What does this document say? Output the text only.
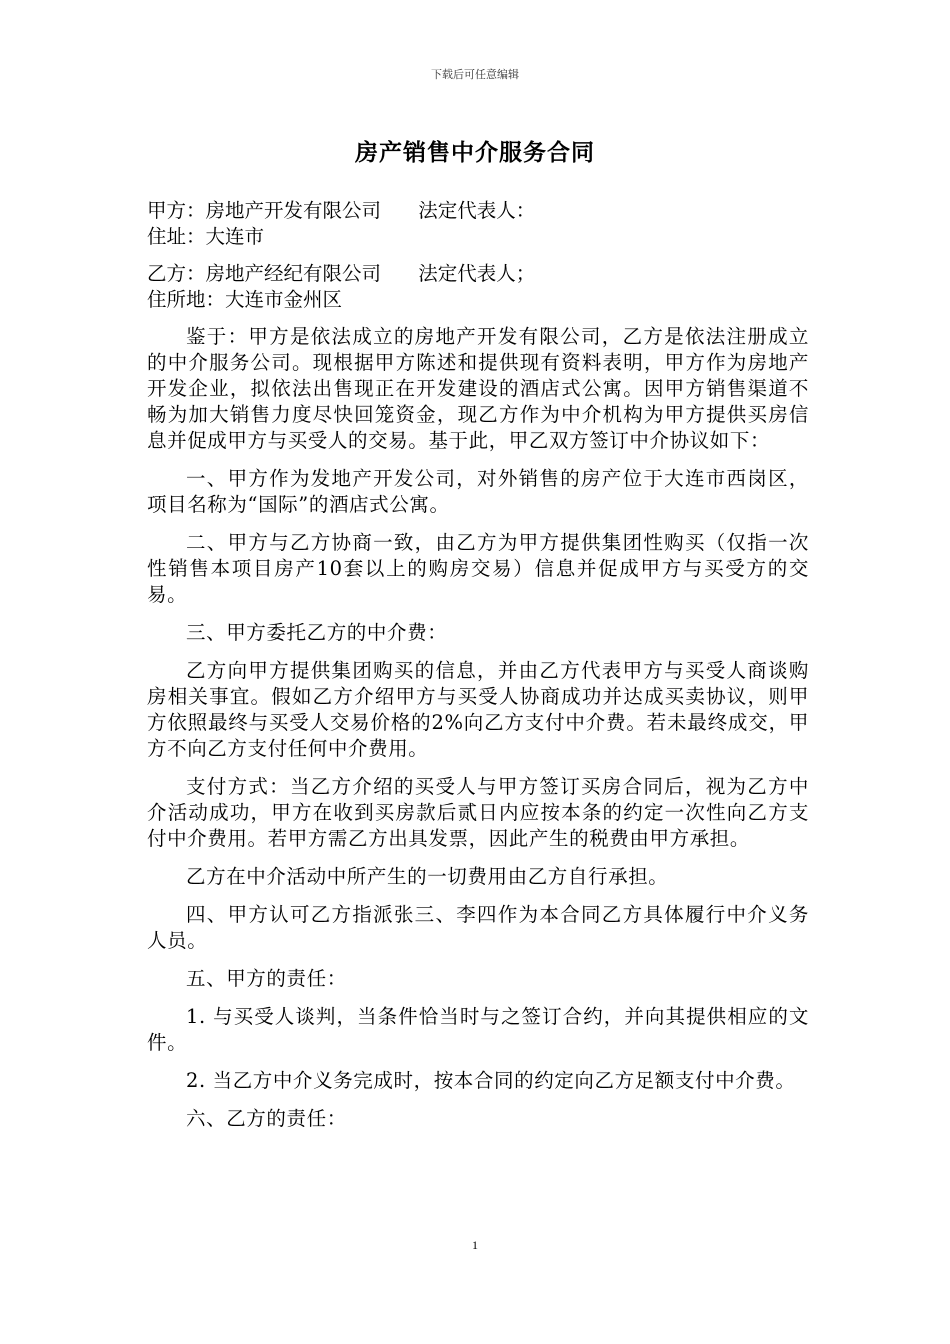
下载后可任意编辑
房产销售中介服务合同

甲方：房地产开发有限公司      法定代表人：

住址：大连市

乙方：房地产经纪有限公司      法定代表人；

住所地：大连市金州区

鉴于：甲方是依法成立的房地产开发有限公司，乙方是依法注册成立的中介服务公司。现根据甲方陈述和提供现有资料表明，甲方作为房地产开发企业，拟依法出售现正在开发建设的酒店式公寓。因甲方销售渠道不畅为加大销售力度尽快回笼资金，现乙方作为中介机构为甲方提供买房信息并促成甲方与买受人的交易。基于此，甲乙双方签订中介协议如下：

一、甲方作为发地产开发公司，对外销售的房产位于大连市西岗区，项目名称为“国际”的酒店式公寓。

二、甲方与乙方协商一致，由乙方为甲方提供集团性购买（仅指一次性销售本项目房产10套以上的购房交易）信息并促成甲方与买受方的交易。

三、甲方委托乙方的中介费：

乙方向甲方提供集团购买的信息，并由乙方代表甲方与买受人商谈购房相关事宜。假如乙方介绍甲方与买受人协商成功并达成买卖协议，则甲方依照最终与买受人交易价格的2%向乙方支付中介费。若未最终成交，甲方不向乙方支付任何中介费用。

支付方式：当乙方介绍的买受人与甲方签订买房合同后，视为乙方中介活动成功，甲方在收到买房款后贰日内应按本条的约定一次性向乙方支付中介费用。若甲方需乙方出具发票，因此产生的税费由甲方承担。

乙方在中介活动中所产生的一切费用由乙方自行承担。

四、甲方认可乙方指派张三、李四作为本合同乙方具体履行中介义务人员。

五、甲方的责任：

1. 与买受人谈判，当条件恰当时与之签订合约，并向其提供相应的文件。

2. 当乙方中介义务完成时，按本合同的约定向乙方足额支付中介费。

六、乙方的责任：

1
